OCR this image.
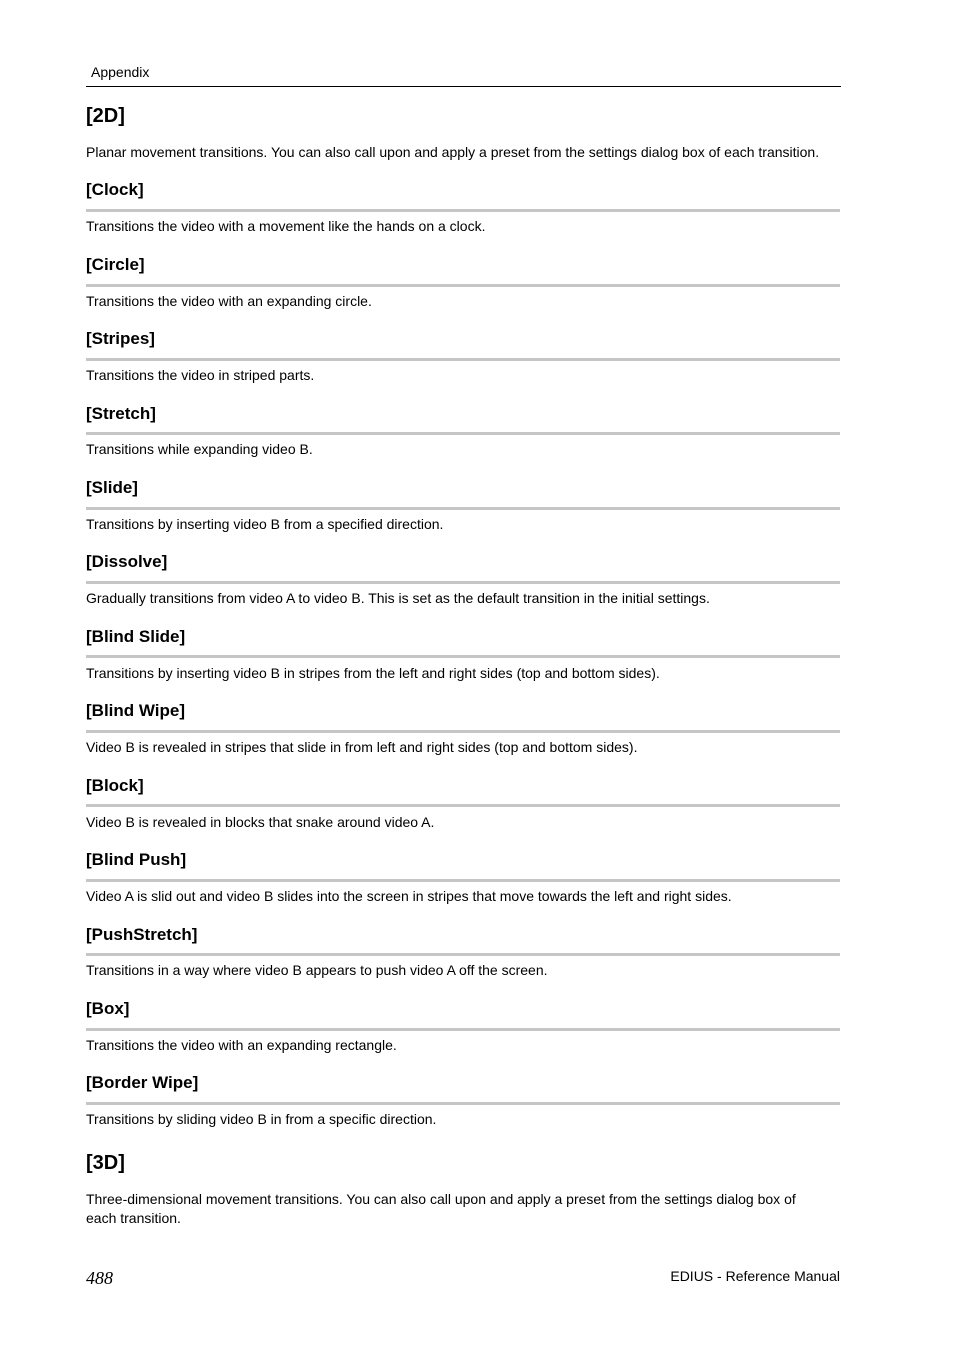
Appendix
[2D]
Planar movement transitions. You can also call upon and apply a preset from the settings dialog box of each transition.
[Clock]
Transitions the video with a movement like the hands on a clock.
[Circle]
Transitions the video with an expanding circle.
[Stripes]
Transitions the video in striped parts.
[Stretch]
Transitions while expanding video B.
[Slide]
Transitions by inserting video B from a specified direction.
[Dissolve]
Gradually transitions from video A to video B. This is set as the default transition in the initial settings.
[Blind Slide]
Transitions by inserting video B in stripes from the left and right sides (top and bottom sides).
[Blind Wipe]
Video B is revealed in stripes that slide in from left and right sides (top and bottom sides).
[Block]
Video B is revealed in blocks that snake around video A.
[Blind Push]
Video A is slid out and video B slides into the screen in stripes that move towards the left and right sides.
[PushStretch]
Transitions in a way where video B appears to push video A off the screen.
[Box]
Transitions the video with an expanding rectangle.
[Border Wipe]
Transitions by sliding video B in from a specific direction.
[3D]
Three-dimensional movement transitions. You can also call upon and apply a preset from the settings dialog box of each transition.
488	EDIUS - Reference Manual
